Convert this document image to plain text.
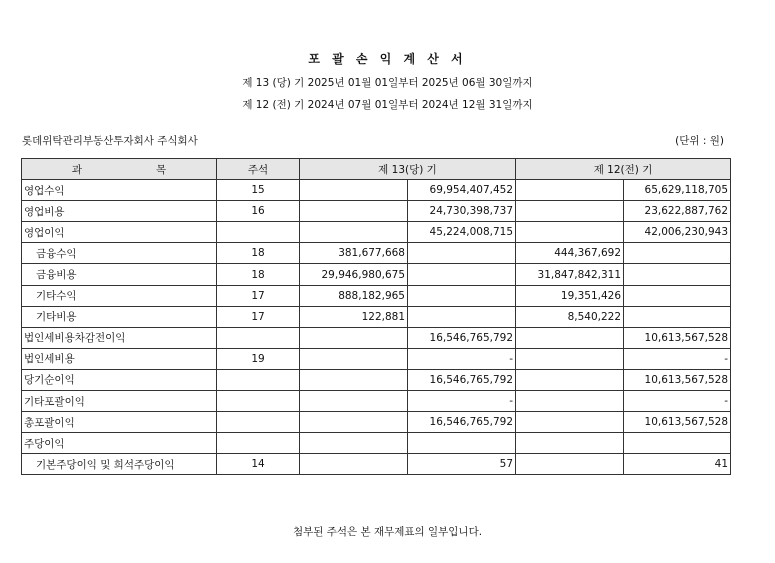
포 괄 손 익 계 산 서
제 13 (당) 기 2025년 01월 01일부터 2025년 06월 30일까지
제 12 (전) 기 2024년 07월 01일부터 2024년 12월 31일까지
롯데위탁관리부동산투자회사 주식회사	(단위 : 원)
과 목	주석	제 13(당) 기		제 12(전) 기	
영업수익	15		69,954,407,452		65,629,118,705
영업비용	16		24,730,398,737		23,622,887,762
영업이익			45,224,008,715		42,006,230,943
금융수익	18	381,677,668		444,367,692	
금융비용	18	29,946,980,675		31,847,842,311	
기타수익	17	888,182,965		19,351,426	
기타비용	17	122,881		8,540,222	
법인세비용차감전이익			16,546,765,792		10,613,567,528
법인세비용	19		-		-
당기순이익			16,546,765,792		10,613,567,528
기타포괄이익			-		-
총포괄이익			16,546,765,792		10,613,567,528
주당이익					
기본주당이익 및 희석주당이익	14		57		41
첨부된 주석은 본 재무제표의 일부입니다.
